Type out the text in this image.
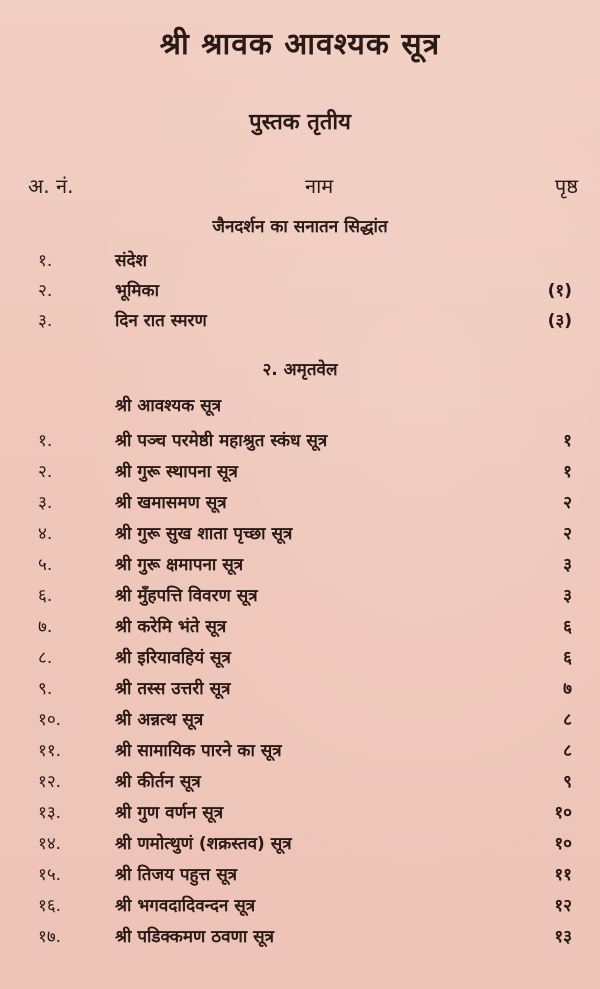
श्री श्रावक आवश्यक सूत्र
पुस्तक तृतीय
अ. नं.	नाम	पृष्ठ
जैनदर्शन का सनातन सिद्धांत
१.	संदेश
२.	भूमिका	(१)
३.	दिन रात स्मरण	(३)
२. अमृतवेल
श्री आवश्यक सूत्र
१.	श्री पञ्च परमेष्ठी महाश्रुत स्कंध सूत्र	१
२.	श्री गुरू स्थापना सूत्र	१
३.	श्री खमासमण सूत्र	२
४.	श्री गुरू सुख शाता पृच्छा सूत्र	२
५.	श्री गुरू क्षमापना सूत्र	३
६.	श्री मुँहपत्ति विवरण सूत्र	३
७.	श्री करेमि भंते सूत्र	६
८.	श्री इरियावहियं सूत्र	६
९.	श्री तस्स उत्तरी सूत्र	७
१०.	श्री अन्नत्थ सूत्र	८
११.	श्री सामायिक पारने का सूत्र	८
१२.	श्री कीर्तन सूत्र	९
१३.	श्री गुण वर्णन सूत्र	१०
१४.	श्री णमोत्थुणं (शक्रस्तव) सूत्र	१०
१५.	श्री तिजय पहुत्त सूत्र	११
१६.	श्री भगवदादिवन्दन सूत्र	१२
१७.	श्री पडिक्कमण ठवणा सूत्र	१३
